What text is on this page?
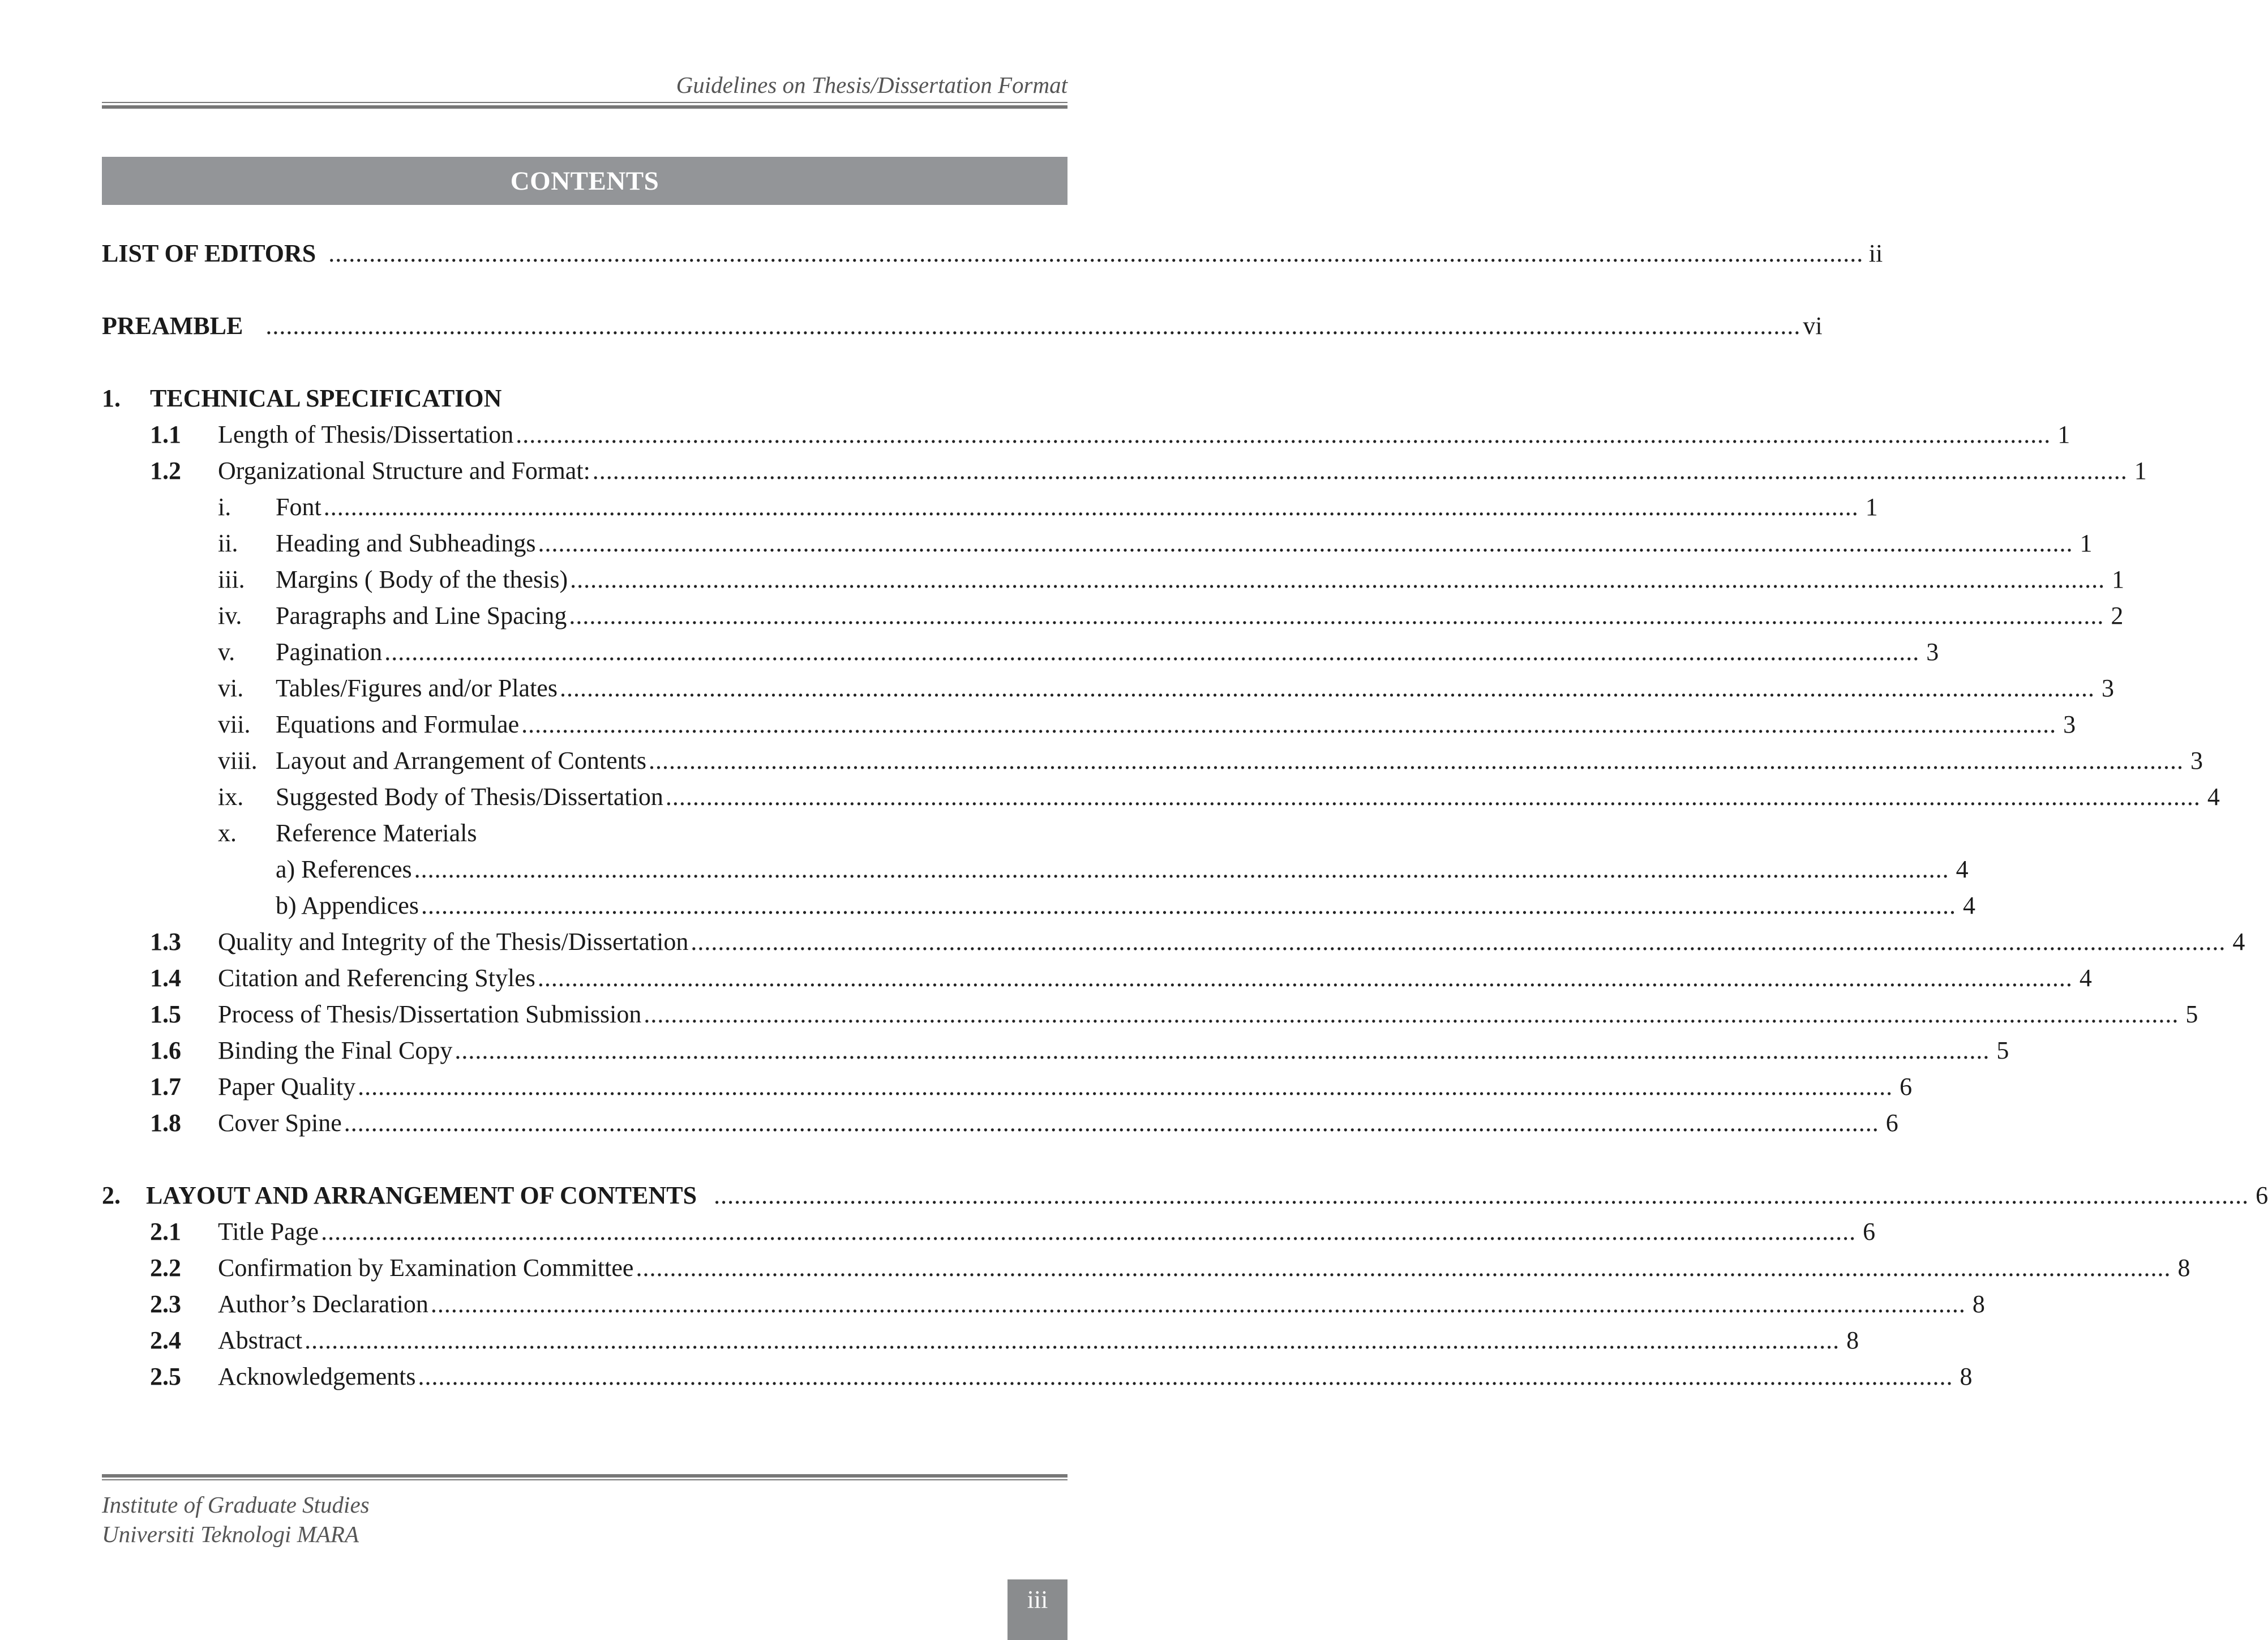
Guidelines on Thesis/Dissertation Format
CONTENTS
LIST OF EDITORS .................................................................................................................................................................................................................................. ii
PREAMBLE .................................................................................................................................................................................................................................. vi
1.	TECHNICAL SPECIFICATION
1.1	Length of Thesis/Dissertation .................................................................................................................................................................................................................................. 1
1.2	Organizational Structure and Format: .................................................................................................................................................................................................................................. 1
i.	Font .................................................................................................................................................................................................................................. 1
ii.	Heading and Subheadings .................................................................................................................................................................................................................................. 1
iii.	Margins ( Body of the thesis) .................................................................................................................................................................................................................................. 1
iv.	Paragraphs and Line Spacing .................................................................................................................................................................................................................................. 2
v.	Pagination .................................................................................................................................................................................................................................. 3
vi.	Tables/Figures and/or Plates .................................................................................................................................................................................................................................. 3
vii.	Equations and Formulae .................................................................................................................................................................................................................................. 3
viii. Layout and Arrangement of Contents .................................................................................................................................................................................................................................. 3
ix.	Suggested Body of Thesis/Dissertation .................................................................................................................................................................................................................................. 4
x.	Reference Materials
a) References .................................................................................................................................................................................................................................. 4
b) Appendices .................................................................................................................................................................................................................................. 4
1.3	Quality and Integrity of the Thesis/Dissertation .................................................................................................................................................................................................................................. 4
1.4	Citation and Referencing Styles .................................................................................................................................................................................................................................. 4
1.5	Process of Thesis/Dissertation Submission .................................................................................................................................................................................................................................. 5
1.6	Binding the Final Copy .................................................................................................................................................................................................................................. 5
1.7	Paper Quality .................................................................................................................................................................................................................................. 6
1.8	Cover Spine .................................................................................................................................................................................................................................. 6
2.	LAYOUT AND ARRANGEMENT OF CONTENTS .................................................................................................................................................................................................................................. 6
2.1	Title Page .................................................................................................................................................................................................................................. 6
2.2	Confirmation by Examination Committee .................................................................................................................................................................................................................................. 8
2.3	Author’s Declaration .................................................................................................................................................................................................................................. 8
2.4	Abstract .................................................................................................................................................................................................................................. 8
2.5	Acknowledgements .................................................................................................................................................................................................................................. 8
Institute of Graduate Studies
Universiti Teknologi MARA
iii
